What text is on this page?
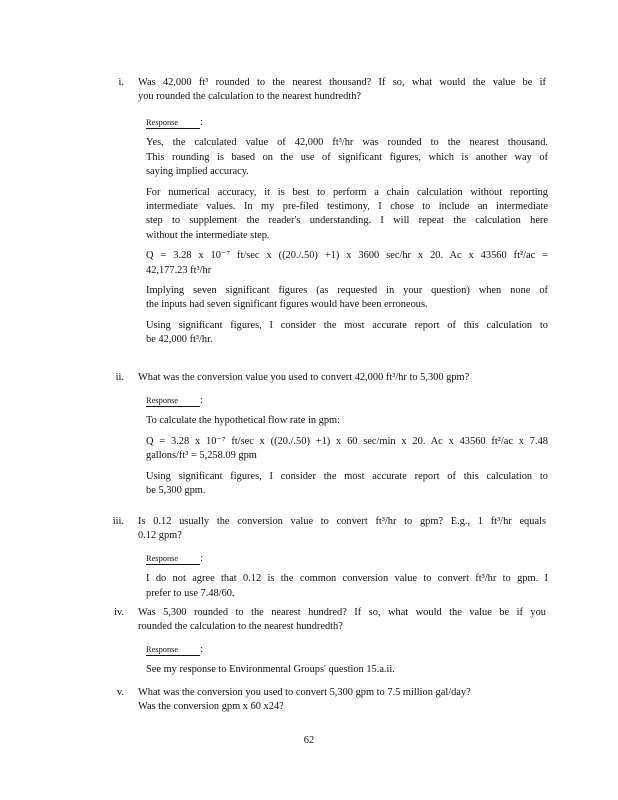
i. Was 42,000 ft³ rounded to the nearest thousand? If so, what would the value be if
you rounded the calculation to the nearest hundredth?
Response :
Yes, the calculated value of 42,000 ft³/hr was rounded to the nearest thousand.
This rounding is based on the use of significant figures, which is another way of
saying implied accuracy.
For numerical accuracy, it is best to perform a chain calculation without reporting
intermediate values. In my pre-filed testimony, I chose to include an intermediate
step to supplement the reader's understanding. I will repeat the calculation here
without the intermediate step.
Q = 3.28 x 10⁻⁷ ft/sec x ((20./.50) +1) x 3600 sec/hr x 20. Ac x 43560 ft²/ac =
42,177.23 ft³/hr
Implying seven significant figures (as requested in your question) when none of
the inputs had seven significant figures would have been erroneous.
Using significant figures, I consider the most accurate report of this calculation to
be 42,000 ft³/hr.
ii. What was the conversion value you used to convert 42,000 ft³/hr to 5,300 gpm?
Response :
To calculate the hypothetical flow rate in gpm:
Q = 3.28 x 10⁻⁷ ft/sec x ((20./.50) +1) x 60 sec/min x 20. Ac x 43560 ft²/ac x 7.48
gallons/ft³ = 5,258.09 gpm
Using significant figures, I consider the most accurate report of this calculation to
be 5,300 gpm.
iii. Is 0.12 usually the conversion value to convert ft³/hr to gpm? E.g., 1 ft³/hr equals
0.12 gpm?
Response :
I do not agree that 0.12 is the common conversion value to convert ft³/hr to gpm. I
prefer to use 7.48/60.
iv. Was 5,300 rounded to the nearest hundred? If so, what would the value be if you
rounded the calculation to the nearest hundredth?
Response :
See my response to Environmental Groups' question 15.a.ii.
v. What was the conversion you used to convert 5,300 gpm to 7.5 million gal/day?
Was the conversion gpm x 60 x24?
62
